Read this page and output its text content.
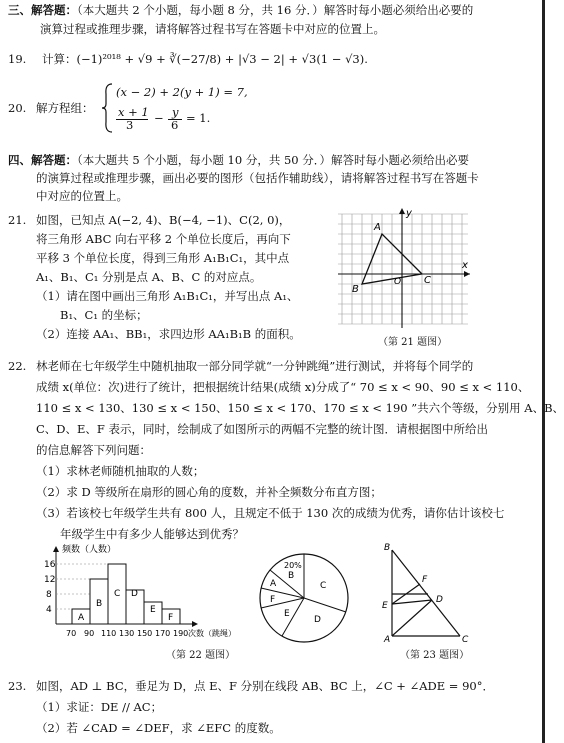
三、解答题：（本大题共 2 个小题，每小题 8 分，共 16 分．）解答时每小题必须给出必要的
演算过程或推理步骤，请将解答过程书写在答题卡中对应的位置上。
19. 计算：(−1)²⁰¹⁸ + √9 + ∛(−27/8) + |√3 − 2| + √3(1 − √3).
20. 解方程组：
(x − 2) + 2(y + 1) = 7,
x + 1
3 − y
6 = 1.
四、解答题：（本大题共 5 个小题，每小题 10 分，共 50 分．）解答时每小题必须给出必要
的演算过程或推理步骤，画出必要的图形（包括作辅助线），请将解答过程书写在答题卡
中对应的位置上。
21. 如图，已知点 A(−2, 4)、B(−4, −1)、C(2, 0)，
将三角形 ABC 向右平移 2 个单位长度后，再向下
平移 3 个单位长度，得到三角形 A₁B₁C₁，其中点
A₁、B₁、C₁ 分别是点 A、B、C 的对应点。
（1）请在图中画出三角形 A₁B₁C₁，并写出点 A₁、
B₁、C₁ 的坐标；
（2）连接 AA₁、BB₁，求四边形 AA₁B₁B 的面积。
A
B
C
O
y
x
（第 21 题图）
22. 林老师在七年级学生中随机抽取一部分同学就“一分钟跳绳”进行测试，并将每个同学的
成绩 x(单位：次)进行了统计，把根据统计结果(成绩 x)分成了“ 70 ≤ x < 90、90 ≤ x < 110、
110 ≤ x < 130、130 ≤ x < 150、150 ≤ x < 170、170 ≤ x < 190 ”共六个等级，分别用 A、B、
C、D、E、F 表示，同时，绘制成了如图所示的两幅不完整的统计图．请根据图中所给出
的信息解答下列问题：
（1）求林老师随机抽取的人数；
（2）求 D 等级所在扇形的圆心角的度数，并补全频数分布直方图；
（3）若该校七年级学生共有 800 人，且规定不低于 130 次的成绩为优秀，请你估计该校七
年级学生中有多少人能够达到优秀？
频数（人数）
16
12
8
4
A
B
C D
E
F
70 90 110 130 150 170 190 次数（跳绳）
20%
B
C
D
E
F
A
（第 22 题图）
B
F
E
D
A	C
（第 23 题图）
23. 如图，AD ⊥ BC，垂足为 D，点 E、F 分别在线段 AB、BC 上，∠C + ∠ADE = 90°．
（1）求证：DE // AC；
（2）若 ∠CAD = ∠DEF，求 ∠EFC 的度数。
